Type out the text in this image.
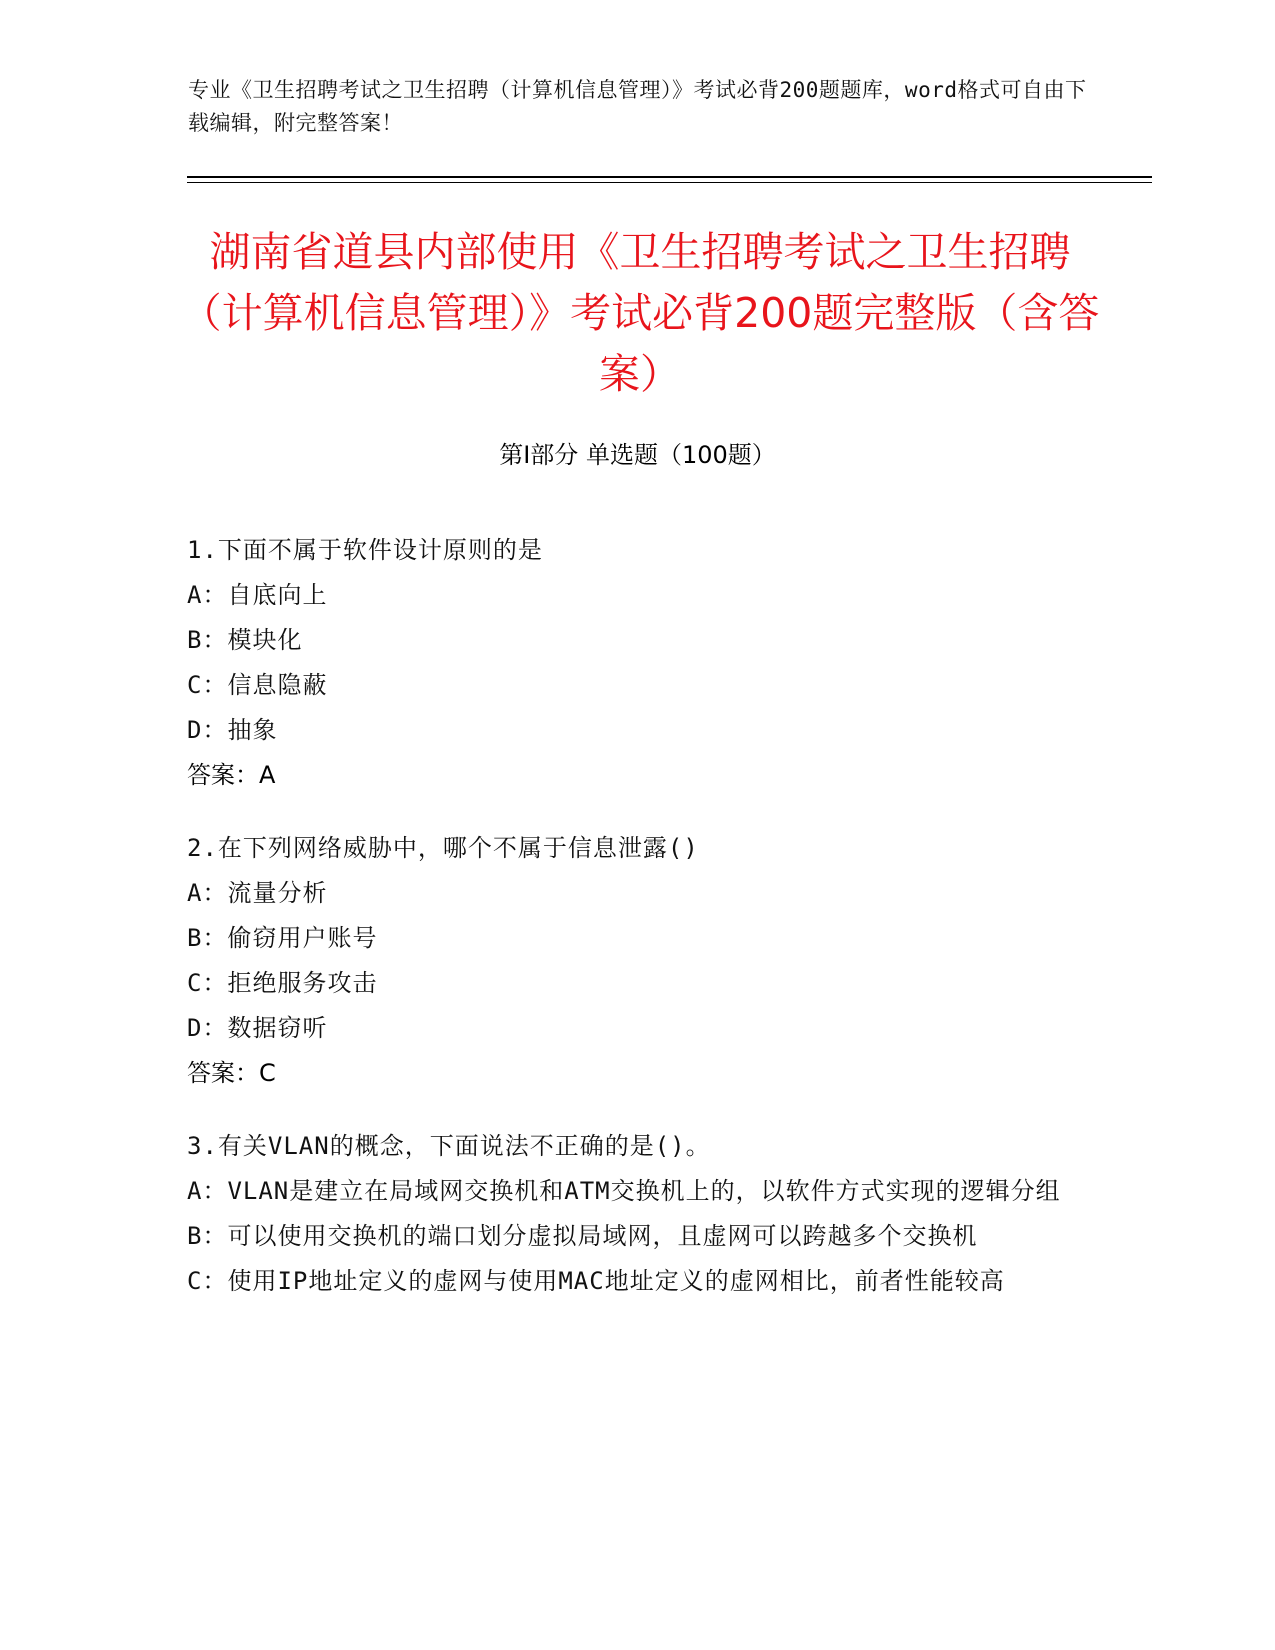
专业《卫生招聘考试之卫生招聘（计算机信息管理）》考试必背200题题库，word格式可自由下载编辑，附完整答案！
湖南省道县内部使用《卫生招聘考试之卫生招聘（计算机信息管理）》考试必背200题完整版（含答案）
第Ⅰ部分 单选题（100题）
1.下面不属于软件设计原则的是
A：自底向上
B：模块化
C：信息隐蔽
D：抽象
答案：A
2.在下列网络威胁中，哪个不属于信息泄露()
A：流量分析
B：偷窃用户账号
C：拒绝服务攻击
D：数据窃听
答案：C
3.有关VLAN的概念，下面说法不正确的是()。
A：VLAN是建立在局域网交换机和ATM交换机上的，以软件方式实现的逻辑分组
B：可以使用交换机的端口划分虚拟局域网，且虚网可以跨越多个交换机
C：使用IP地址定义的虚网与使用MAC地址定义的虚网相比，前者性能较高
